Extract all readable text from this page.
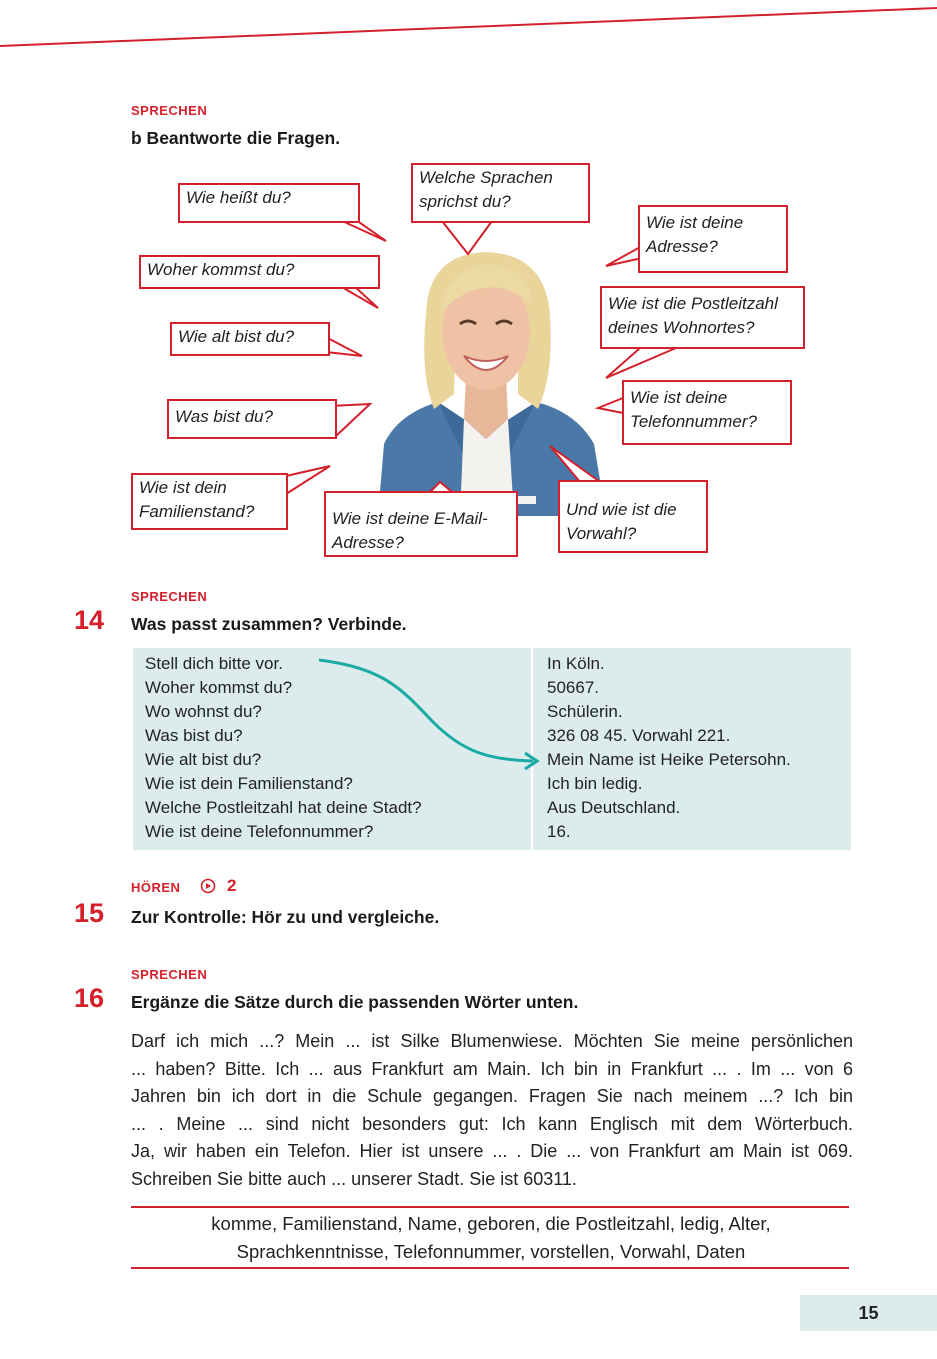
SPRECHEN
b Beantworte die Fragen.
Wie heißt du?
Welche Sprachen
sprichst du?
Wie ist deine
Adresse?
Woher kommst du?
Wie ist die Postleitzahl
deines Wohnortes?
Wie alt bist du?
Wie ist deine
Telefonnummer?
Was bist du?
Wie ist dein
Familienstand?	Wie ist deine E-Mail-
Adresse?
Und wie ist die
Vorwahl?
SPRECHEN
14 Was passt zusammen? Verbinde.
Stell dich bitte vor.
Woher kommst du?
Wo wohnst du?
Was bist du?
Wie alt bist du?
Wie ist dein Familienstand?
Welche Postleitzahl hat deine Stadt?
Wie ist deine Telefonnummer?
In Köln.
50667.
Schülerin.
326 08 45. Vorwahl 221.
Mein Name ist Heike Petersohn.
Ich bin ledig.
Aus Deutschland.
16.
HÖREN	2
15 Zur Kontrolle: Hör zu und vergleiche.
SPRECHEN
16 Ergänze die Sätze durch die passenden Wörter unten.
Darf ich mich ...? Mein ... ist Silke Blumenwiese. Möchten Sie meine persönlichen
... haben? Bitte. Ich ... aus Frankfurt am Main. Ich bin in Frankfurt ... . Im ... von 6
Jahren bin ich dort in die Schule gegangen. Fragen Sie nach meinem ...? Ich bin
... . Meine ... sind nicht besonders gut: Ich kann Englisch mit dem Wörterbuch.
Ja, wir haben ein Telefon. Hier ist unsere ... . Die ... von Frankfurt am Main ist 069.
Schreiben Sie bitte auch ... unserer Stadt. Sie ist 60311.
komme, Familienstand, Name, geboren, die Postleitzahl, ledig, Alter,
Sprachkenntnisse, Telefonnummer, vorstellen, Vorwahl, Daten
15
